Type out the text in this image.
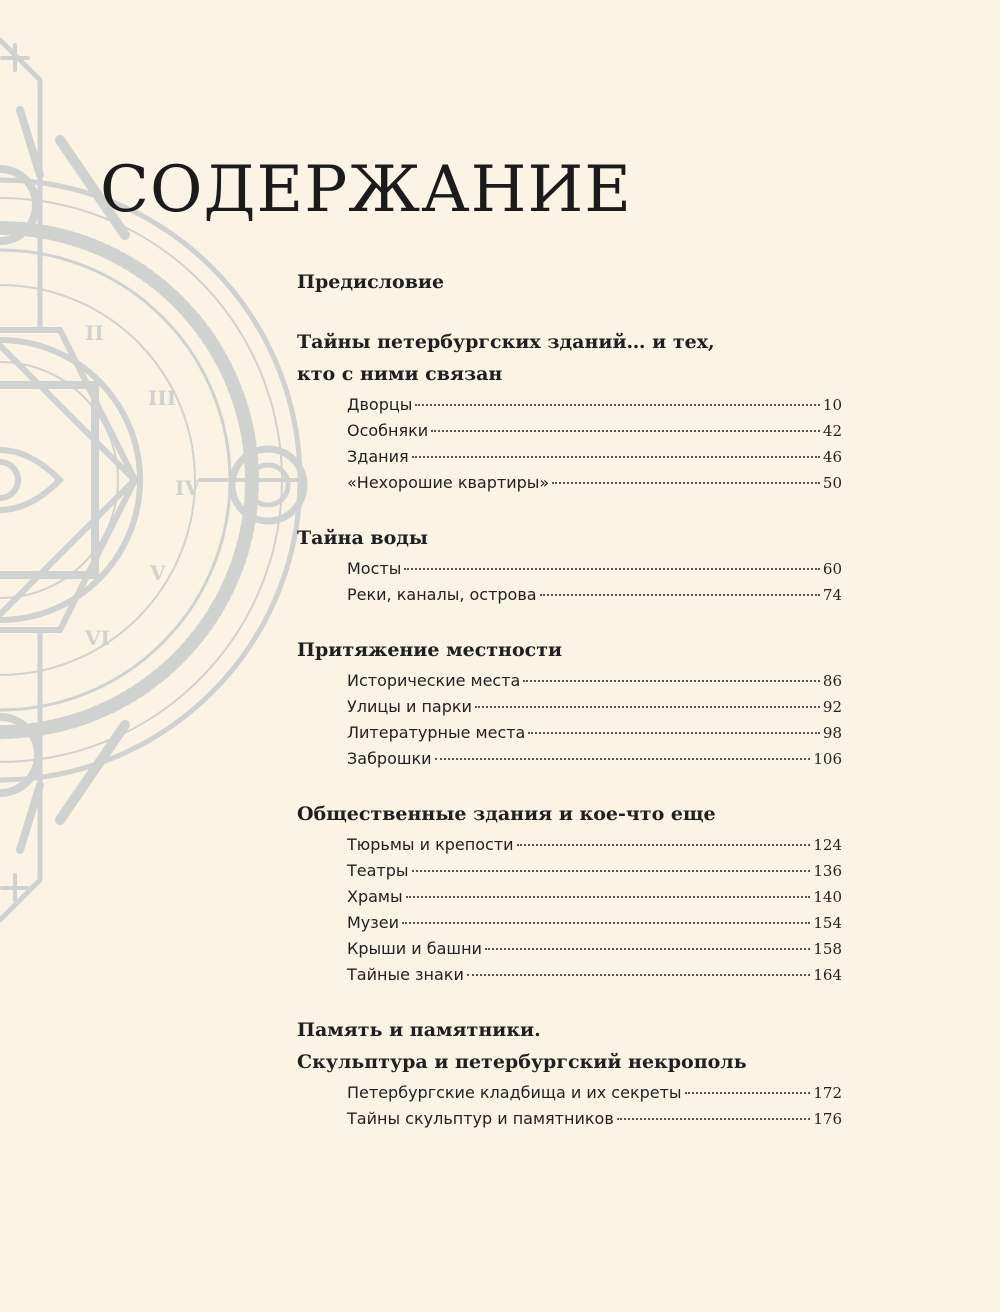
II
III
IV
V
VI
СОДЕРЖАНИЕ
Предисловие
Тайны петербургских зданий… и тех,
кто с ними связан
Дворцы	10
Особняки	42
Здания	46
«Нехорошие квартиры»	50
Тайна воды
Мосты	60
Реки, каналы, острова	74
Притяжение местности
Исторические места	86
Улицы и парки	92
Литературные места	98
Заброшки	106
Общественные здания и кое-что еще
Тюрьмы и крепости	124
Театры	136
Храмы	140
Музеи	154
Крыши и башни	158
Тайные знаки	164
Память и памятники.
Скульптура и петербургский некрополь
Петербургские кладбища и их секреты	172
Тайны скульптур и памятников	176
